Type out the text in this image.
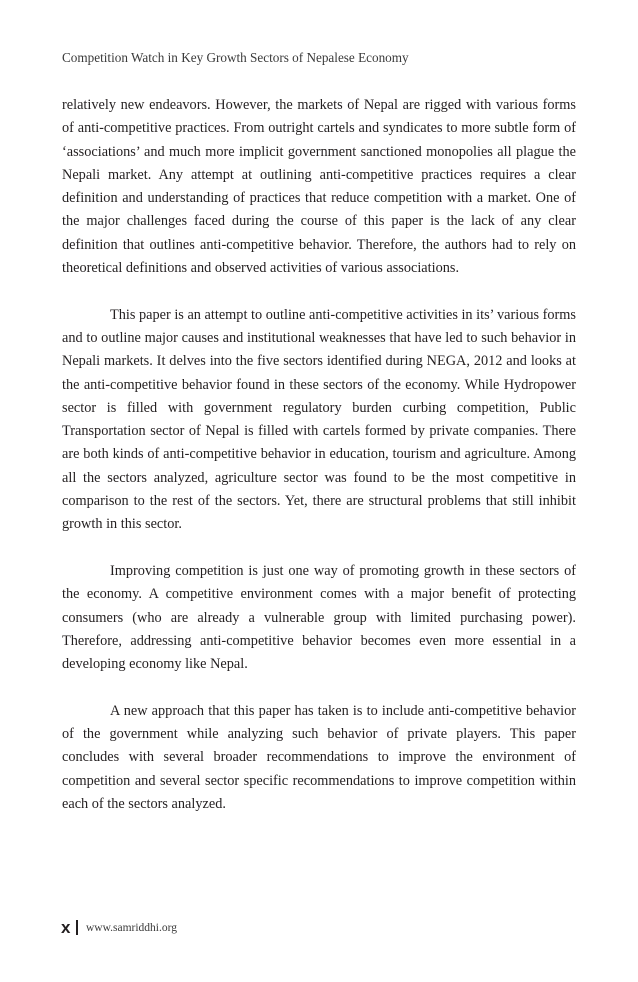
Competition Watch in Key Growth Sectors of Nepalese Economy

relatively new endeavors. However, the markets of Nepal are rigged with various forms of anti-competitive practices. From outright cartels and syndicates to more subtle form of ‘associations’ and much more implicit government sanctioned monopolies all plague the Nepali market. Any attempt at outlining anti-competitive practices requires a clear definition and understanding of practices that reduce competition with a market. One of the major challenges faced during the course of this paper is the lack of any clear definition that outlines anti-competitive behavior. Therefore, the authors had to rely on theoretical definitions and observed activities of various associations.

This paper is an attempt to outline anti-competitive activities in its’ various forms and to outline major causes and institutional weaknesses that have led to such behavior in Nepali markets. It delves into the five sectors identified during NEGA, 2012 and looks at the anti-competitive behavior found in these sectors of the economy. While Hydropower sector is filled with government regulatory burden curbing competition, Public Transportation sector of Nepal is filled with cartels formed by private companies. There are both kinds of anti-competitive behavior in education, tourism and agriculture. Among all the sectors analyzed, agriculture sector was found to be the most competitive in comparison to the rest of the sectors. Yet, there are structural problems that still inhibit growth in this sector.

Improving competition is just one way of promoting growth in these sectors of the economy. A competitive environment comes with a major benefit of protecting consumers (who are already a vulnerable group with limited purchasing power). Therefore, addressing anti-competitive behavior becomes even more essential in a developing economy like Nepal.

A new approach that this paper has taken is to include anti-competitive behavior of the government while analyzing such behavior of private players. This paper concludes with several broader recommendations to improve the environment of competition and several sector specific recommendations to improve competition within each of the sectors analyzed.

x www.samriddhi.org
